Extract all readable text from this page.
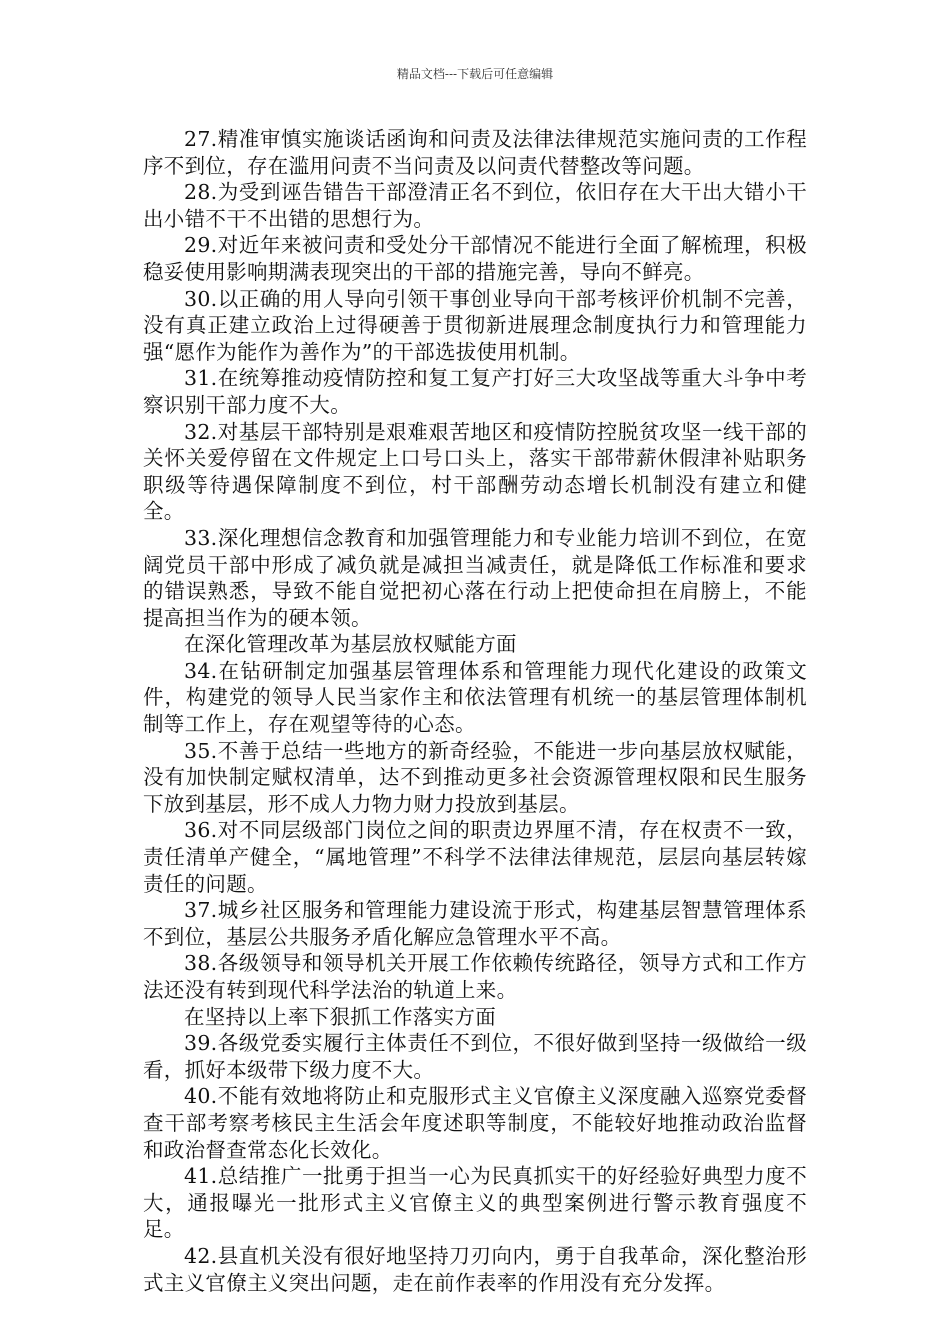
精品文档---下载后可任意编辑

27.精准审慎实施谈话函询和问责及法律法律规范实施问责的工作程序不到位，存在滥用问责不当问责及以问责代替整改等问题。

28.为受到诬告错告干部澄清正名不到位，依旧存在大干出大错小干出小错不干不出错的思想行为。

29.对近年来被问责和受处分干部情况不能进行全面了解梳理，积极稳妥使用影响期满表现突出的干部的措施完善，导向不鲜亮。

30.以正确的用人导向引领干事创业导向干部考核评价机制不完善，没有真正建立政治上过得硬善于贯彻新进展理念制度执行力和管理能力强“愿作为能作为善作为”的干部选拔使用机制。

31.在统筹推动疫情防控和复工复产打好三大攻坚战等重大斗争中考察识别干部力度不大。

32.对基层干部特别是艰难艰苦地区和疫情防控脱贫攻坚一线干部的关怀关爱停留在文件规定上口号口头上，落实干部带薪休假津补贴职务职级等待遇保障制度不到位，村干部酬劳动态增长机制没有建立和健全。

33.深化理想信念教育和加强管理能力和专业能力培训不到位，在宽阔党员干部中形成了减负就是减担当减责任，就是降低工作标准和要求的错误熟悉，导致不能自觉把初心落在行动上把使命担在肩膀上，不能提高担当作为的硬本领。

在深化管理改革为基层放权赋能方面

34.在钻研制定加强基层管理体系和管理能力现代化建设的政策文件，构建党的领导人民当家作主和依法管理有机统一的基层管理体制机制等工作上，存在观望等待的心态。

35.不善于总结一些地方的新奇经验，不能进一步向基层放权赋能，没有加快制定赋权清单，达不到推动更多社会资源管理权限和民生服务下放到基层，形不成人力物力财力投放到基层。

36.对不同层级部门岗位之间的职责边界厘不清，存在权责不一致，责任清单产健全，“属地管理”不科学不法律法律规范，层层向基层转嫁责任的问题。

37.城乡社区服务和管理能力建设流于形式，构建基层智慧管理体系不到位，基层公共服务矛盾化解应急管理水平不高。

38.各级领导和领导机关开展工作依赖传统路径，领导方式和工作方法还没有转到现代科学法治的轨道上来。

在坚持以上率下狠抓工作落实方面

39.各级党委实履行主体责任不到位，不很好做到坚持一级做给一级看，抓好本级带下级力度不大。

40.不能有效地将防止和克服形式主义官僚主义深度融入巡察党委督查干部考察考核民主生活会年度述职等制度，不能较好地推动政治监督和政治督查常态化长效化。

41.总结推广一批勇于担当一心为民真抓实干的好经验好典型力度不大，通报曝光一批形式主义官僚主义的典型案例进行警示教育强度不足。

42.县直机关没有很好地坚持刀刃向内，勇于自我革命，深化整治形式主义官僚主义突出问题，走在前作表率的作用没有充分发挥。
